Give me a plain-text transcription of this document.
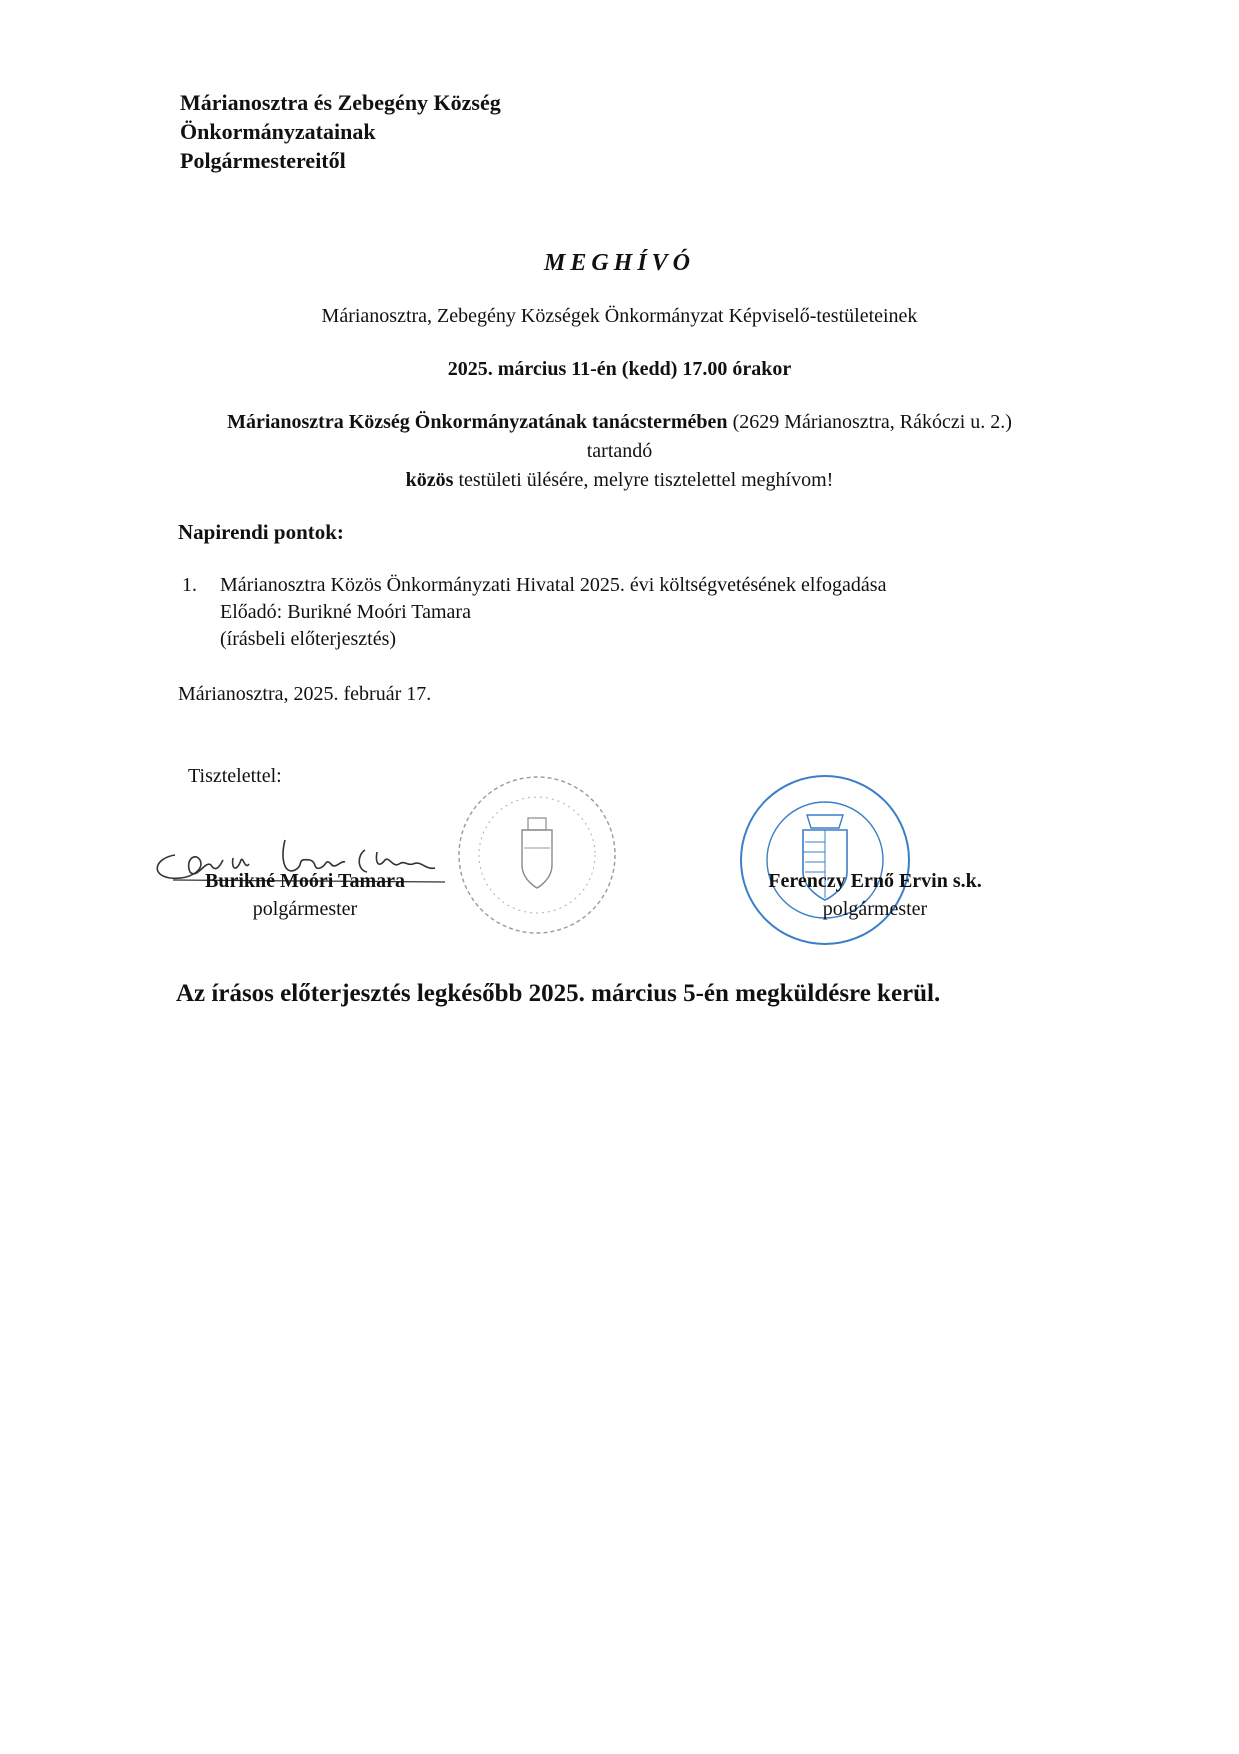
Márianosztra és Zebegény Község
Önkormányzatainak
Polgármestereitől
MEGHÍVÓ
Márianosztra, Zebegény Községek Önkormányzat Képviselő-testületeinek
2025. március 11-én (kedd) 17.00 órakor
Márianosztra Község Önkormányzatának tanácstermében (2629 Márianosztra, Rákóczi u. 2.)
tartandó
közös testületi ülésére, melyre tisztelettel meghívom!
Napirendi pontok:
1. Márianosztra Közös Önkormányzati Hivatal 2025. évi költségvetésének elfogadása
Előadó: Burikné Moóri Tamara
(írásbeli előterjesztés)
Márianosztra, 2025. február 17.
Tisztelettel:
Burikné Moóri Tamara
polgármester
Ferenczy Ernő Ervin s.k.
polgármester
Az írásos előterjesztés legkésőbb 2025. március 5-én megküldésre kerül.
